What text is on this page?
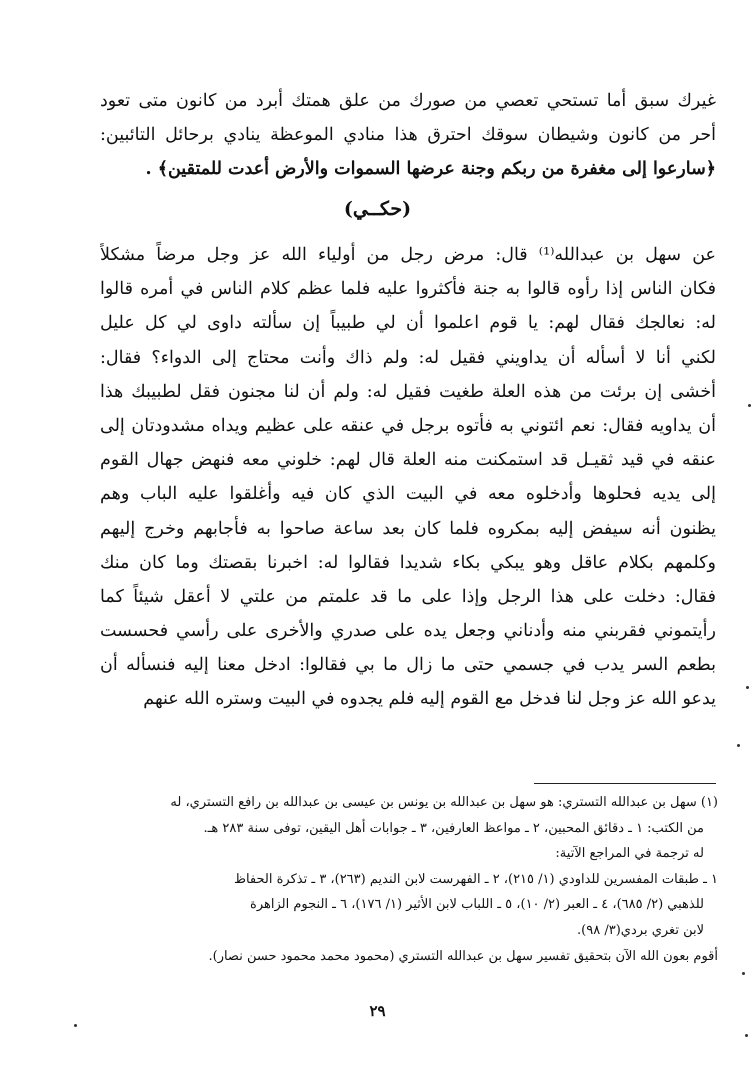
غيرك سبق أما تستحي تعصي من صورك من علق همتك أبرد من كانون متى تعود
أحر من كانون وشيطان سوقك احترق هذا منادي الموعظة ينادي برحائل التائبين:
﴿سارعوا إلى مغفرة من ربكم وجنة عرضها السموات والأرض أعدت للمتقين﴾ .
(حكــي)
عن سهل بن عبدالله⁽¹⁾ قال: مرض رجل من أولياء الله عز وجل مرضاً مشكلاً
فكان الناس إذا رأوه قالوا به جنة فأكثروا عليه فلما عظم كلام الناس في أمره قالوا
له: نعالجك فقال لهم: يا قوم اعلموا أن لي طبيباً إن سألته داوى لي كل عليل
لكني أنا لا أسأله أن يداويني فقيل له: ولم ذاك وأنت محتاج إلى الدواء؟ فقال:
أخشى إن برئت من هذه العلة طغيت فقيل له: ولم أن لنا مجنون فقل لطبيبك هذا
أن يداويه فقال: نعم ائتوني به فأتوه برجل في عنقه على عظيم ويداه مشدودتان إلى
عنقه في قيد ثقيـل قد استمكنت منه العلة قال لهم: خلوني معه فنهض جهال القوم
إلى يديه فحلوها وأدخلوه معه في البيت الذي كان فيه وأغلقوا عليه الباب وهم
يظنون أنه سيفض إليه بمكروه فلما كان بعد ساعة صاحوا به فأجابهم وخرج إليهم
وكلمهم بكلام عاقل وهو يبكي بكاء شديدا فقالوا له: اخبرنا بقصتك وما كان منك
فقال: دخلت على هذا الرجل وإذا على ما قد علمتم من علتي لا أعقل شيئاً كما
رأيتموني فقربني منه وأدناني وجعل يده على صدري والأخرى على رأسي فحسست
بطعم السر يدب في جسمي حتى ما زال ما بي فقالوا: ادخل معنا إليه فنسأله أن
يدعو الله عز وجل لنا فدخل مع القوم إليه فلم يجدوه في البيت وستره الله عنهم
(١) سهل بن عبدالله التستري: هو سهل بن عبدالله بن يونس بن عيسى بن عبدالله بن رافع التستري، له
من الكتب: ١ ـ دقائق المحبين، ٢ ـ مواعظ العارفين، ٣ ـ جوابات أهل اليقين، توفى سنة ٢٨٣ هـ.
له ترجمة في المراجع الآتية:
١ ـ طبقات المفسرين للداودي (١/ ٢١٥)، ٢ ـ الفهرست لابن النديم (٢٦٣)، ٣ ـ تذكرة الحفاظ
للذهبي (٢/ ٦٨٥)، ٤ ـ العبر (٢/ ١٠)، ٥ ـ اللباب لابن الأثير (١/ ١٧٦)، ٦ ـ النجوم الزاهرة
لابن تغري بردي(٣/ ٩٨).
أقوم بعون الله الآن بتحقيق تفسير سهل بن عبدالله التستري (محمود محمد محمود حسن نصار).
٢٩
